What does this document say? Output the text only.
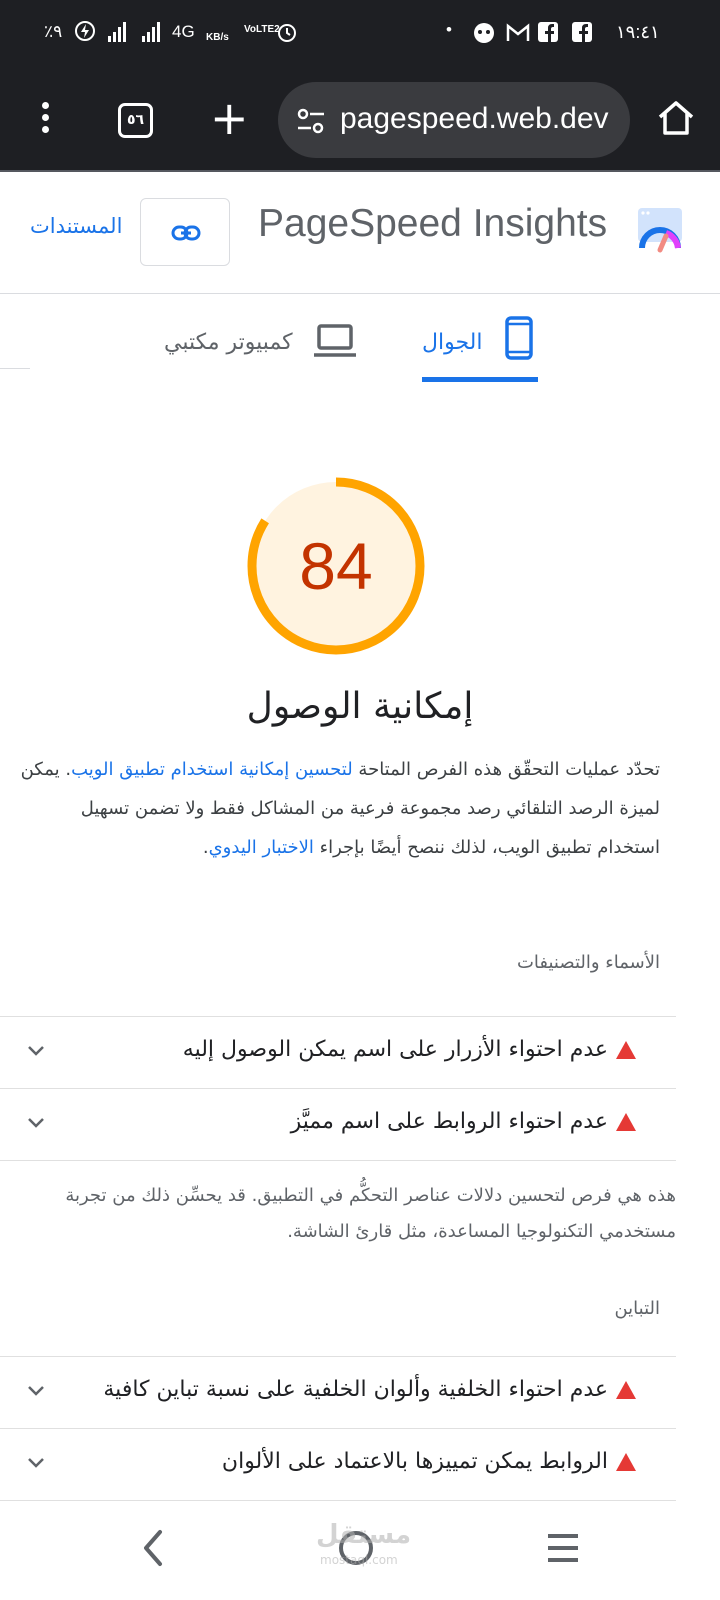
٪٩	4G KB/s
VoLTE2	•	١٩:٤١
٥٦ +	pagespeed.web.dev
المستندات	PageSpeed Insights
كمبيوتر مكتبي	الجوال
84
إمكانية الوصول
تحدّد عمليات التحقّق هذه الفرص المتاحة لتحسين إمكانية استخدام تطبيق الويب. يمكن لميزة الرصد التلقائي رصد مجموعة فرعية من المشاكل فقط ولا تضمن تسهيل استخدام تطبيق الويب، لذلك ننصح أيضًا بإجراء الاختبار اليدوي.
الأسماء والتصنيفات
عدم احتواء الأزرار على اسم يمكن الوصول إليه
عدم احتواء الروابط على اسم مميَّز
هذه هي فرص لتحسين دلالات عناصر التحكُّم في التطبيق. قد يحسِّن ذلك من تجربة مستخدمي التكنولوجيا المساعدة، مثل قارئ الشاشة.
التباين
عدم احتواء الخلفية وألوان الخلفية على نسبة تباين كافية
الروابط يمكن تمييزها بالاعتماد على الألوان
مستقل
mostaql.com
